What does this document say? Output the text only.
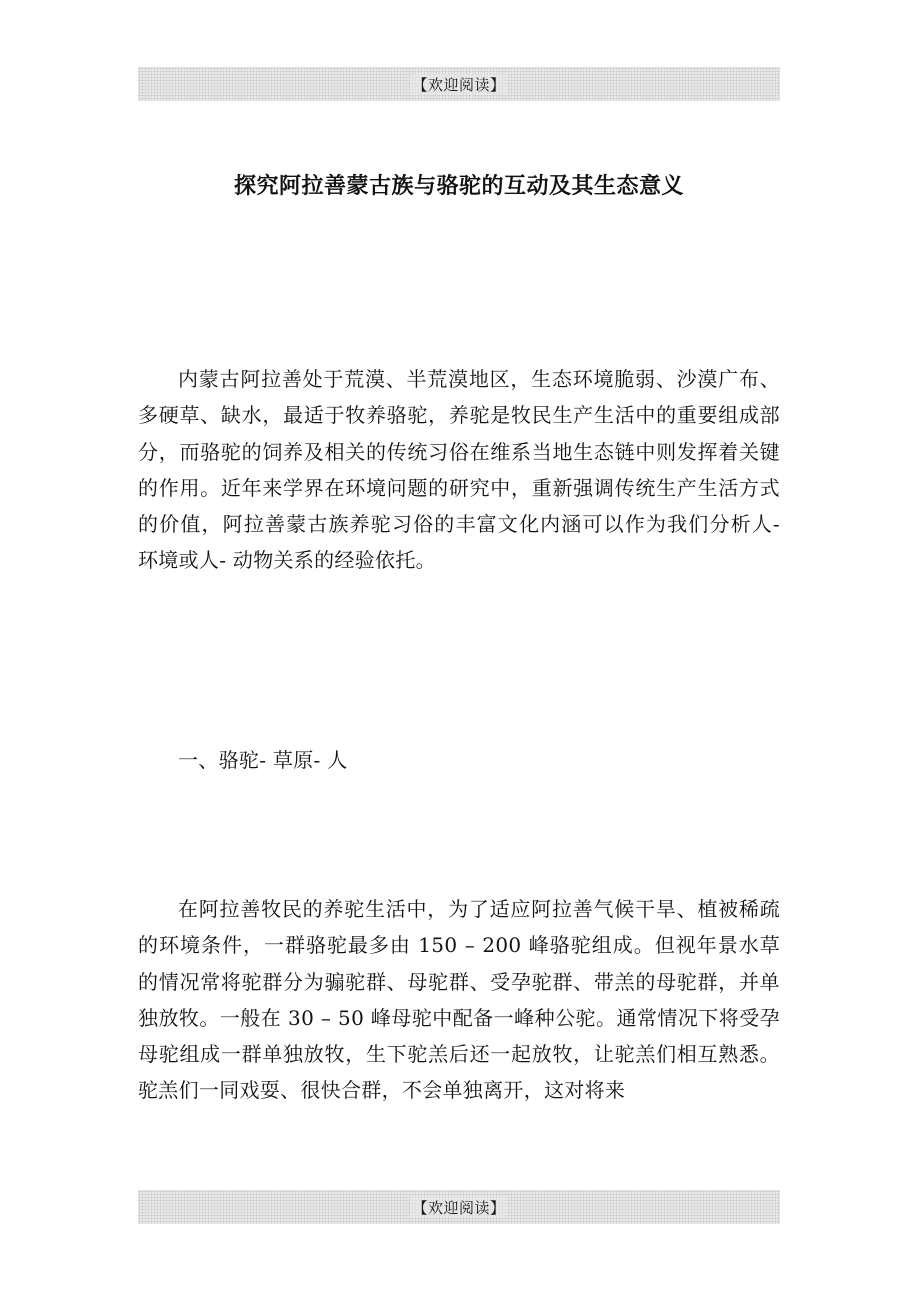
【欢迎阅读】
探究阿拉善蒙古族与骆驼的互动及其生态意义

内蒙古阿拉善处于荒漠、半荒漠地区，生态环境脆弱、沙漠广布、多硬草、缺水，最适于牧养骆驼，养驼是牧民生产生活中的重要组成部分，而骆驼的饲养及相关的传统习俗在维系当地生态链中则发挥着关键的作用。近年来学界在环境问题的研究中，重新强调传统生产生活方式的价值，阿拉善蒙古族养驼习俗的丰富文化内涵可以作为我们分析人- 环境或人- 动物关系的经验依托。

一、骆驼- 草原- 人

在阿拉善牧民的养驼生活中，为了适应阿拉善气候干旱、植被稀疏的环境条件，一群骆驼最多由 150 – 200 峰骆驼组成。但视年景水草的情况常将驼群分为骟驼群、母驼群、受孕驼群、带羔的母驼群，并单独放牧。一般在 30 – 50 峰母驼中配备一峰种公驼。通常情况下将受孕母驼组成一群单独放牧，生下驼羔后还一起放牧，让驼羔们相互熟悉。驼羔们一同戏耍、很快合群，不会单独离开，这对将来

【欢迎阅读】
